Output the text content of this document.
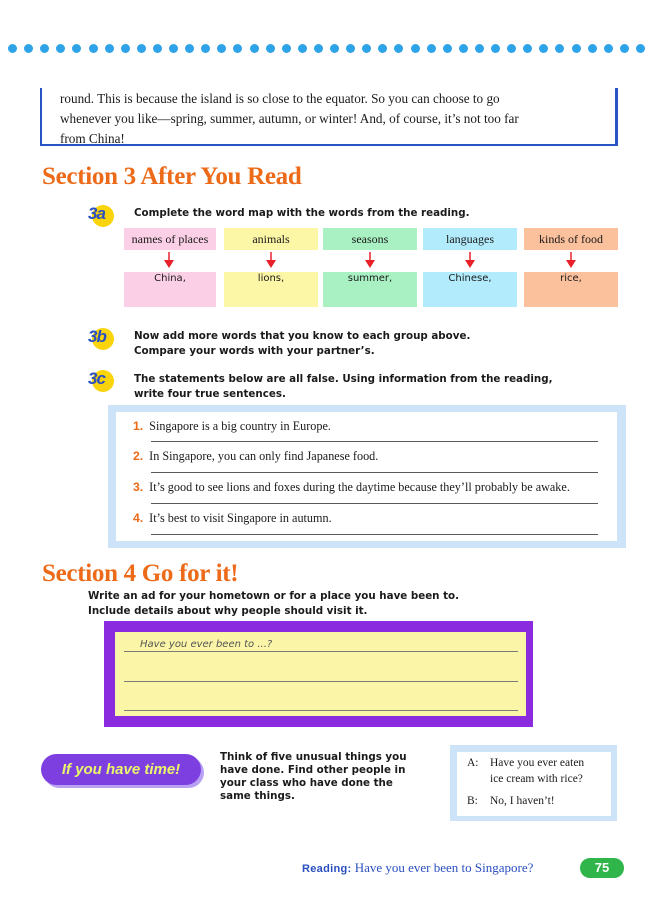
round. This is because the island is so close to the equator. So you can choose to go
whenever you like—spring, summer, autumn, or winter! And, of course, it’s not too far
from China!
Section 3 After You Read
3a	Complete the word map with the words from the reading.
names of places	animals	seasons	languages	kinds of food
China,	lions,	summer,	Chinese,	rice,
3b	Now add more words that you know to each group above.
Compare your words with your partner’s.
3c	The statements below are all false. Using information from the reading,
write four true sentences.
1. Singapore is a big country in Europe.
2. In Singapore, you can only find Japanese food.
3. It’s good to see lions and foxes during the daytime because they’ll probably be awake.
4. It’s best to visit Singapore in autumn.
Section 4 Go for it!
Write an ad for your hometown or for a place you have been to.
Include details about why people should visit it.
Have you ever been to ...?
If you have time!
Think of five unusual things you
have done. Find other people in
your class who have done the
same things.
A: Have you ever eaten
ice cream with rice?
B: No, I haven’t!
Reading: Have you ever been to Singapore?	75
